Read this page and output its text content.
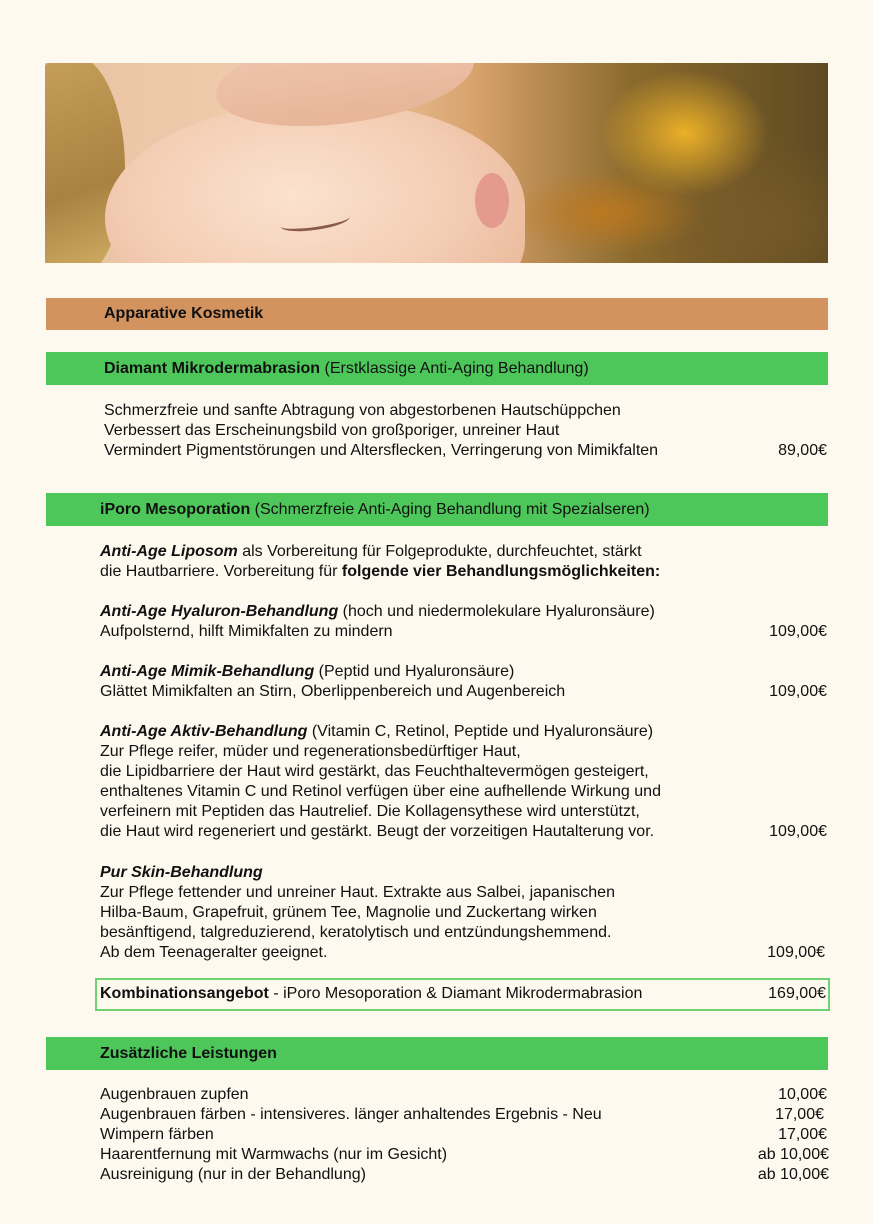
Apparative Kosmetik
Diamant Mikrodermabrasion (Erstklassige Anti-Aging Behandlung)
Schmerzfreie und sanfte Abtragung von abgestorbenen Hautschüppchen
Verbessert das Erscheinungsbild von großporiger, unreiner Haut
Vermindert Pigmentstörungen und Altersflecken, Verringerung von Mimikfalten	89,00€
iPoro Mesoporation (Schmerzfreie Anti-Aging Behandlung mit Spezialseren)
Anti-Age Liposom als Vorbereitung für Folgeprodukte, durchfeuchtet, stärkt
die Hautbarriere. Vorbereitung für folgende vier Behandlungsmöglichkeiten:
Anti-Age Hyaluron-Behandlung (hoch und niedermolekulare Hyaluronsäure)
Aufpolsternd, hilft Mimikfalten zu mindern	109,00€
Anti-Age Mimik-Behandlung (Peptid und Hyaluronsäure)
Glättet Mimikfalten an Stirn, Oberlippenbereich und Augenbereich	109,00€
Anti-Age Aktiv-Behandlung (Vitamin C, Retinol, Peptide und Hyaluronsäure)
Zur Pflege reifer, müder und regenerationsbedürftiger Haut,
die Lipidbarriere der Haut wird gestärkt, das Feuchthaltevermögen gesteigert,
enthaltenes Vitamin C und Retinol verfügen über eine aufhellende Wirkung und
verfeinern mit Peptiden das Hautrelief. Die Kollagensythese wird unterstützt,
die Haut wird regeneriert und gestärkt. Beugt der vorzeitigen Hautalterung vor.	109,00€
Pur Skin-Behandlung
Zur Pflege fettender und unreiner Haut. Extrakte aus Salbei, japanischen
Hilba-Baum, Grapefruit, grünem Tee, Magnolie und Zuckertang wirken
besänftigend, talgreduzierend, keratolytisch und entzündungshemmend.
Ab dem Teenageralter geeignet.	109,00€
Kombinationsangebot - iPoro Mesoporation & Diamant Mikrodermabrasion	169,00€
Zusätzliche Leistungen
Augenbrauen zupfen	10,00€
Augenbrauen färben - intensiveres. länger anhaltendes Ergebnis - Neu	17,00€
Wimpern färben	17,00€
Haarentfernung mit Warmwachs (nur im Gesicht)	ab 10,00€
Ausreinigung (nur in der Behandlung)	ab 10,00€
